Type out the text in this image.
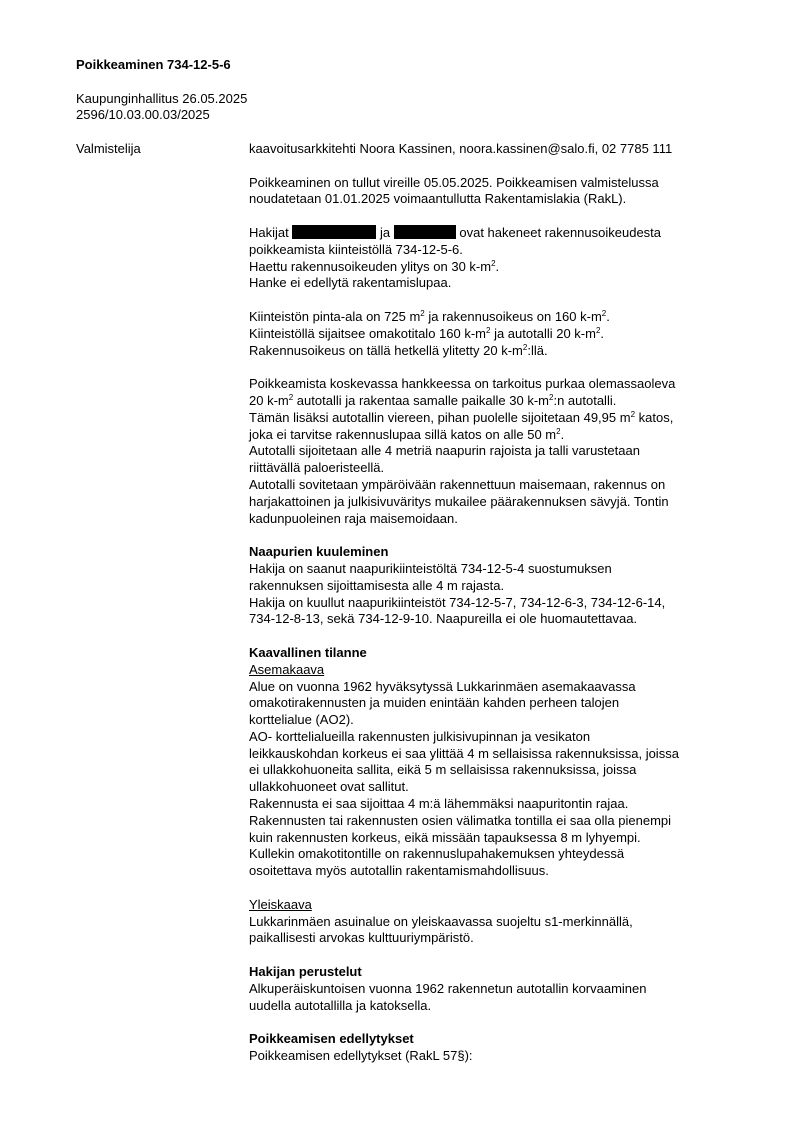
Poikkeaminen 734-12-5-6
Kaupunginhallitus 26.05.2025
2596/10.03.00.03/2025
Valmistelija	kaavoitusarkkitehti Noora Kassinen, noora.kassinen@salo.fi, 02 7785 111

Poikkeaminen on tullut vireille 05.05.2025. Poikkeamisen valmistelussa
noudatetaan 01.01.2025 voimaantullutta Rakentamislakia (RakL).

Hakijat	ja	ovat hakeneet rakennusoikeudesta
poikkeamista kiinteistöllä 734-12-5-6.
Haettu rakennusoikeuden ylitys on 30 $k-m^2$.
Hanke ei edellytä rakentamislupaa.

Kiinteistön pinta-ala on 725 $m^2$ ja rakennusoikeus on 160 $k-m^2$.
Kiinteistöllä sijaitsee omakotitalo 160 $k-m^2$ ja autotalli 20 $k-m^2$.
Rakennusoikeus on tällä hetkellä ylitetty 20 $k-m^2:llä$.

Poikkeamista koskevassa hankkeessa on tarkoitus purkaa olemassaoleva
20 $k-m^2$ autotalli ja rakentaa samalle paikalle 30 $k-m^2:n$ autotalli.
Tämän lisäksi autotallin viereen, pihan puolelle sijoitetaan 49,95 $m^2$ katos,
joka ei tarvitse rakennuslupaa sillä katos on alle 50 $m^2$.
Autotalli sijoitetaan alle 4 metriä naapurin rajoista ja talli varustetaan
riittävällä paloeristeellä.
Autotalli sovitetaan ympäröivään rakennettuun maisemaan, rakennus on
harjakattoinen ja julkisivuväritys mukailee päärakennuksen sävyjä. Tontin
kadunpuoleinen raja maisemoidaan.

Naapurien kuuleminen
Hakija on saanut naapurikiinteistöltä 734-12-5-4 suostumuksen
rakennuksen sijoittamisesta alle 4 m rajasta.
Hakija on kuullut naapurikiinteistöt 734-12-5-7, 734-12-6-3, 734-12-6-14,
734-12-8-13, sekä 734-12-9-10. Naapureilla ei ole huomautettavaa.

Kaavallinen tilanne
Asemakaava
Alue on vuonna 1962 hyväksytyssä Lukkarinmäen asemakaavassa
omakotirakennusten ja muiden enintään kahden perheen talojen
korttelialue (AO2).
AO- korttelialueilla rakennusten julkisivupinnan ja vesikaton
leikkauskohdan korkeus ei saa ylittää 4 m sellaisissa rakennuksissa, joissa
ei ullakkohuoneita sallita, eikä 5 m sellaisissa rakennuksissa, joissa
ullakkohuoneet ovat sallitut.
Rakennusta ei saa sijoittaa 4 m:ä lähemmäksi naapuritontin rajaa.
Rakennusten tai rakennusten osien välimatka tontilla ei saa olla pienempi
kuin rakennusten korkeus, eikä missään tapauksessa 8 m lyhyempi.
Kullekin omakotitontille on rakennuslupahakemuksen yhteydessä
osoitettava myös autotallin rakentamismahdollisuus.

Yleiskaava
Lukkarinmäen asuinalue on yleiskaavassa suojeltu s1-merkinnällä,
paikallisesti arvokas kulttuuriympäristö.

Hakijan perustelut
Alkuperäiskuntoisen vuonna 1962 rakennetun autotallin korvaaminen
uudella autotallilla ja katoksella.

Poikkeamisen edellytykset
Poikkeamisen edellytykset (RakL 57§):
